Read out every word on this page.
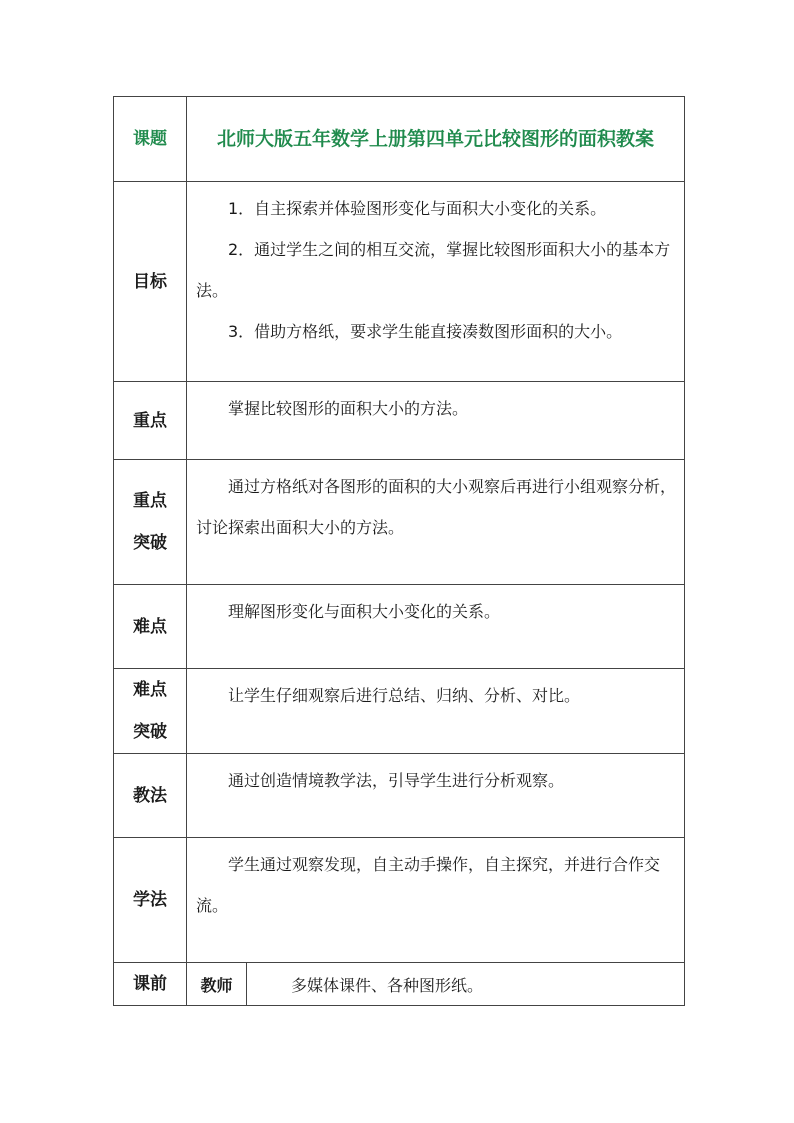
课题	北师大版五年数学上册第四单元比较图形的面积教案	
目标	1．自主探索并体验图形变化与面积大小变化的关系。

2．通过学生之间的相互交流，掌握比较图形面积大小的基本方法。

3．借助方格纸，要求学生能直接凑数图形面积的大小。	

重点	掌握比较图形的面积大小的方法。	

重点
突破	通过方格纸对各图形的面积的大小观察后再进行小组观察分析，讨论探索出面积大小的方法。	

难点	理解图形变化与面积大小变化的关系。	

难点
突破	让学生仔细观察后进行总结、归纳、分析、对比。	

教法	通过创造情境教学法，引导学生进行分析观察。	

学法	学生通过观察发现，自主动手操作，自主探究，并进行合作交流。	

课前	教师	多媒体课件、各种图形纸。
